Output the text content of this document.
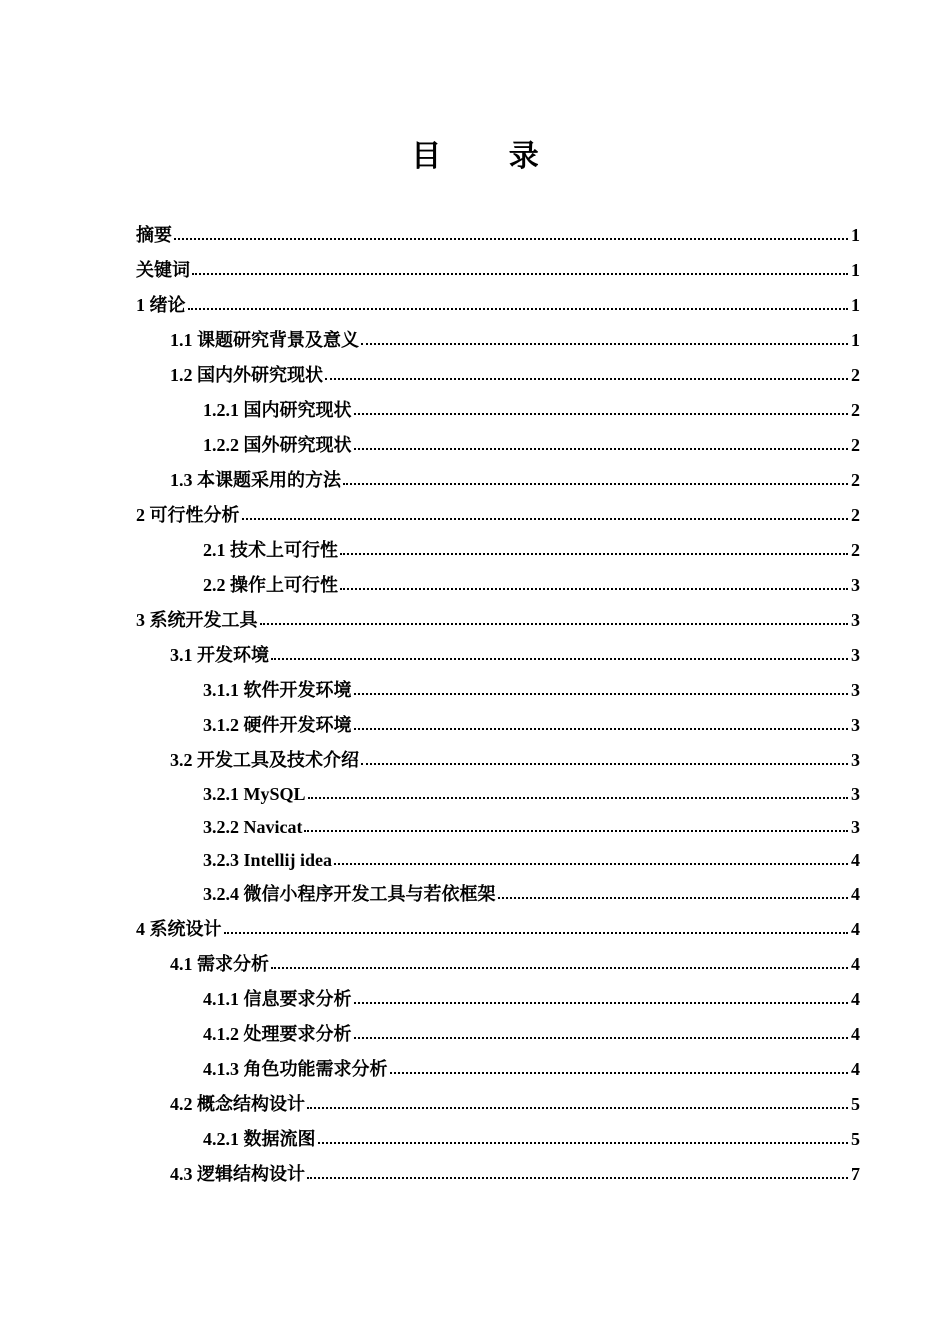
目 录
摘要	1
关键词	1
1 绪论	1
1.1 课题研究背景及意义	1
1.2 国内外研究现状	2
1.2.1 国内研究现状	2
1.2.2 国外研究现状	2
1.3 本课题采用的方法	2
2 可行性分析	2
2.1 技术上可行性	2
2.2 操作上可行性	3
3 系统开发工具	3
3.1 开发环境	3
3.1.1 软件开发环境	3
3.1.2 硬件开发环境	3
3.2 开发工具及技术介绍	3
3.2.1 MySQL	3
3.2.2 Navicat	3
3.2.3 Intellij idea	4
3.2.4 微信小程序开发工具与若依框架	4
4 系统设计	4
4.1 需求分析	4
4.1.1 信息要求分析	4
4.1.2 处理要求分析	4
4.1.3 角色功能需求分析	4
4.2 概念结构设计	5
4.2.1 数据流图	5
4.3 逻辑结构设计	7
